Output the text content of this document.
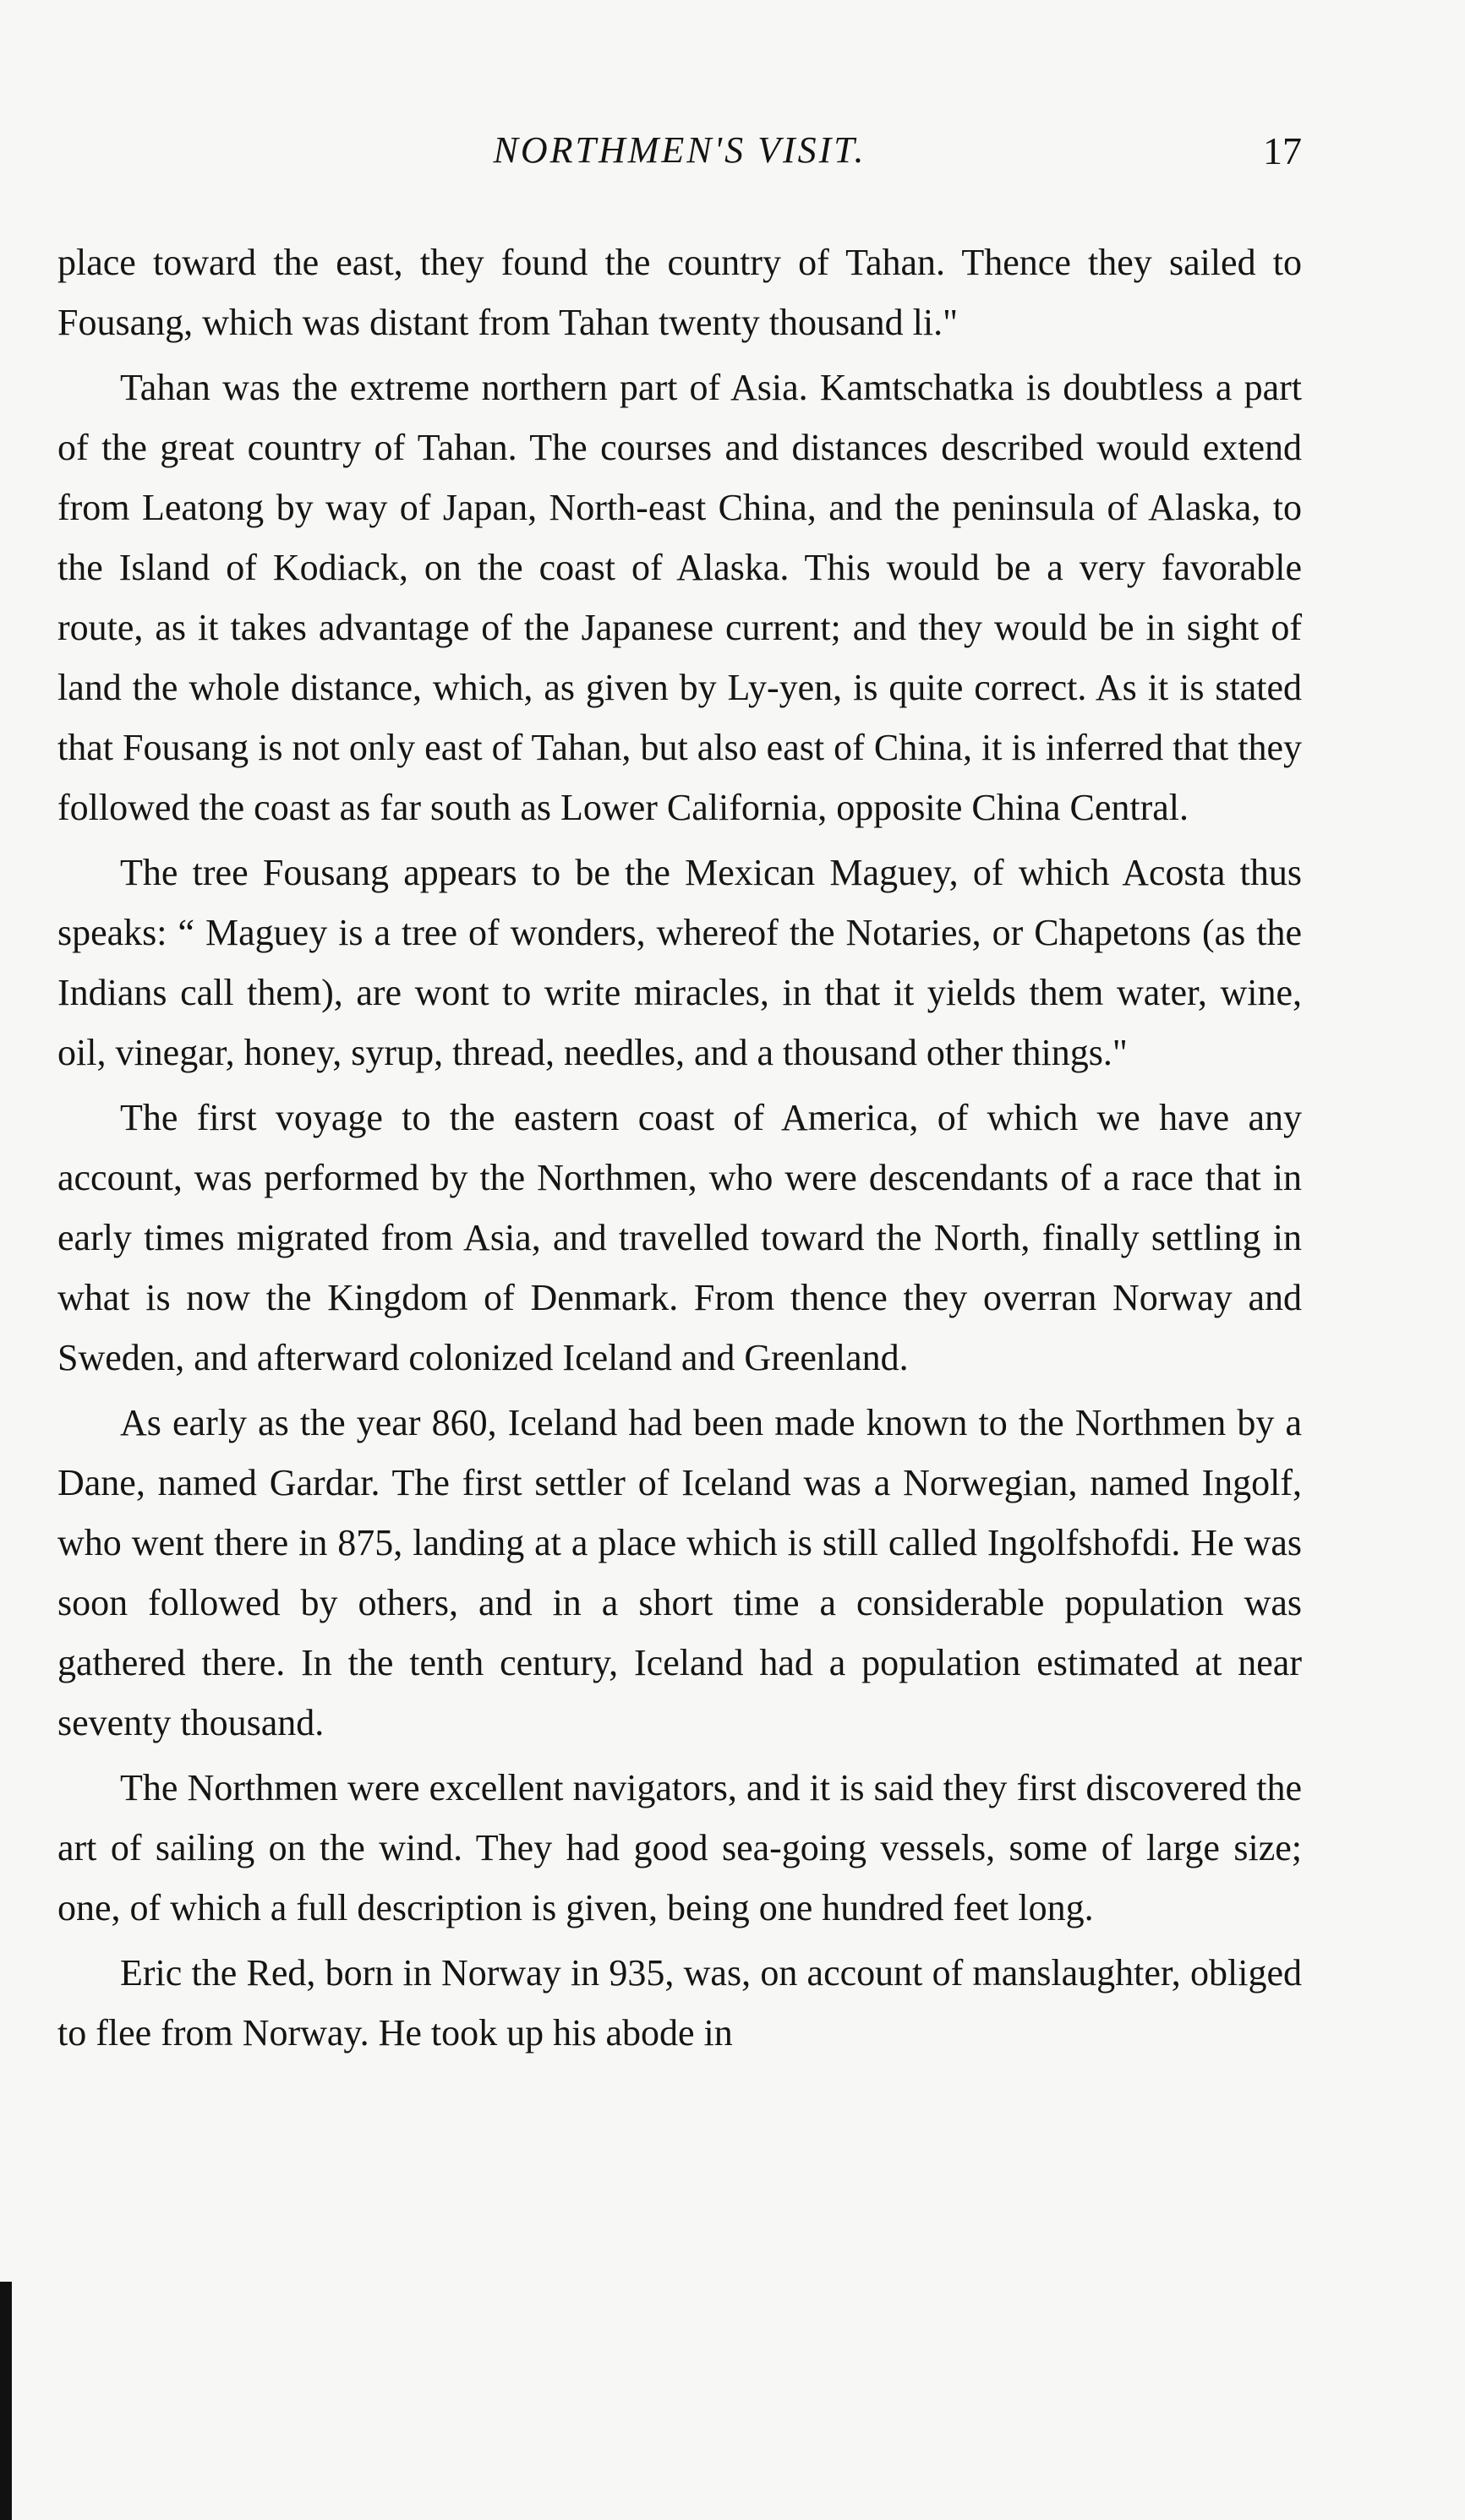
NORTHMEN'S VISIT.	17

place toward the east, they found the country of Tahan. Thence they sailed to Fousang, which was distant from Tahan twenty thousand li."

Tahan was the extreme northern part of Asia. Kamtschatka is doubtless a part of the great country of Tahan. The courses and distances described would extend from Leatong by way of Japan, North-east China, and the peninsula of Alaska, to the Island of Kodiack, on the coast of Alaska. This would be a very favorable route, as it takes advantage of the Japanese current; and they would be in sight of land the whole distance, which, as given by Ly-yen, is quite correct. As it is stated that Fousang is not only east of Tahan, but also east of China, it is inferred that they followed the coast as far south as Lower California, opposite China Central.

The tree Fousang appears to be the Mexican Maguey, of which Acosta thus speaks: “ Maguey is a tree of wonders, whereof the Notaries, or Chapetons (as the Indians call them), are wont to write miracles, in that it yields them water, wine, oil, vinegar, honey, syrup, thread, needles, and a thousand other things."

The first voyage to the eastern coast of America, of which we have any account, was performed by the Northmen, who were descendants of a race that in early times migrated from Asia, and travelled toward the North, finally settling in what is now the Kingdom of Denmark. From thence they overran Norway and Sweden, and afterward colonized Iceland and Greenland.

As early as the year 860, Iceland had been made known to the Northmen by a Dane, named Gardar. The first settler of Iceland was a Norwegian, named Ingolf, who went there in 875, landing at a place which is still called Ingolfshofdi. He was soon followed by others, and in a short time a considerable population was gathered there. In the tenth century, Iceland had a population estimated at near seventy thousand.

The Northmen were excellent navigators, and it is said they first discovered the art of sailing on the wind. They had good sea-going vessels, some of large size; one, of which a full description is given, being one hundred feet long.

Eric the Red, born in Norway in 935, was, on account of manslaughter, obliged to flee from Norway. He took up his abode in
